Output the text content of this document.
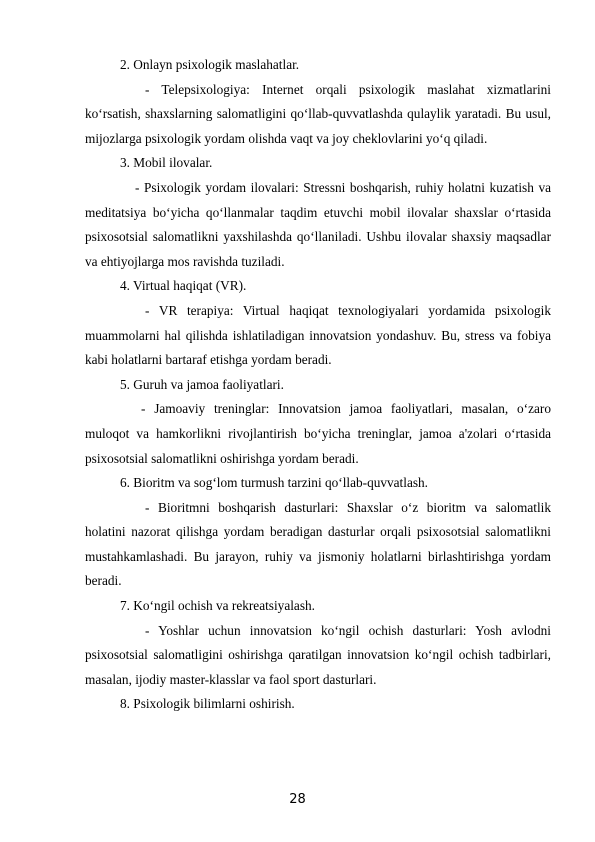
2. Onlayn psixologik maslahatlar.

- Telepsixologiya: Internet orqali psixologik maslahat xizmatlarini ko‘rsatish, shaxslarning salomatligini qo‘llab-quvvatlashda qulaylik yaratadi. Bu usul, mijozlarga psixologik yordam olishda vaqt va joy cheklovlarini yo‘q qiladi.

3. Mobil ilovalar.

- Psixologik yordam ilovalari: Stressni boshqarish, ruhiy holatni kuzatish va meditatsiya bo‘yicha qo‘llanmalar taqdim etuvchi mobil ilovalar shaxslar o‘rtasida psixosotsial salomatlikni yaxshilashda qo‘llaniladi. Ushbu ilovalar shaxsiy maqsadlar va ehtiyojlarga mos ravishda tuziladi.

4. Virtual haqiqat (VR).

- VR terapiya: Virtual haqiqat texnologiyalari yordamida psixologik muammolarni hal qilishda ishlatiladigan innovatsion yondashuv. Bu, stress va fobiya kabi holatlarni bartaraf etishga yordam beradi.

5. Guruh va jamoa faoliyatlari.

- Jamoaviy treninglar: Innovatsion jamoa faoliyatlari, masalan, o‘zaro muloqot va hamkorlikni rivojlantirish bo‘yicha treninglar, jamoa a'zolari o‘rtasida psixosotsial salomatlikni oshirishga yordam beradi.

6. Bioritm va sog‘lom turmush tarzini qo‘llab-quvvatlash.

- Bioritmni boshqarish dasturlari: Shaxslar o‘z bioritm va salomatlik holatini nazorat qilishga yordam beradigan dasturlar orqali psixosotsial salomatlikni mustahkamlashadi. Bu jarayon, ruhiy va jismoniy holatlarni birlashtirishga yordam beradi.

7. Ko‘ngil ochish va rekreatsiyalash.

- Yoshlar uchun innovatsion ko‘ngil ochish dasturlari: Yosh avlodni psixosotsial salomatligini oshirishga qaratilgan innovatsion ko‘ngil ochish tadbirlari, masalan, ijodiy master-klasslar va faol sport dasturlari.

8. Psixologik bilimlarni oshirish.

28
